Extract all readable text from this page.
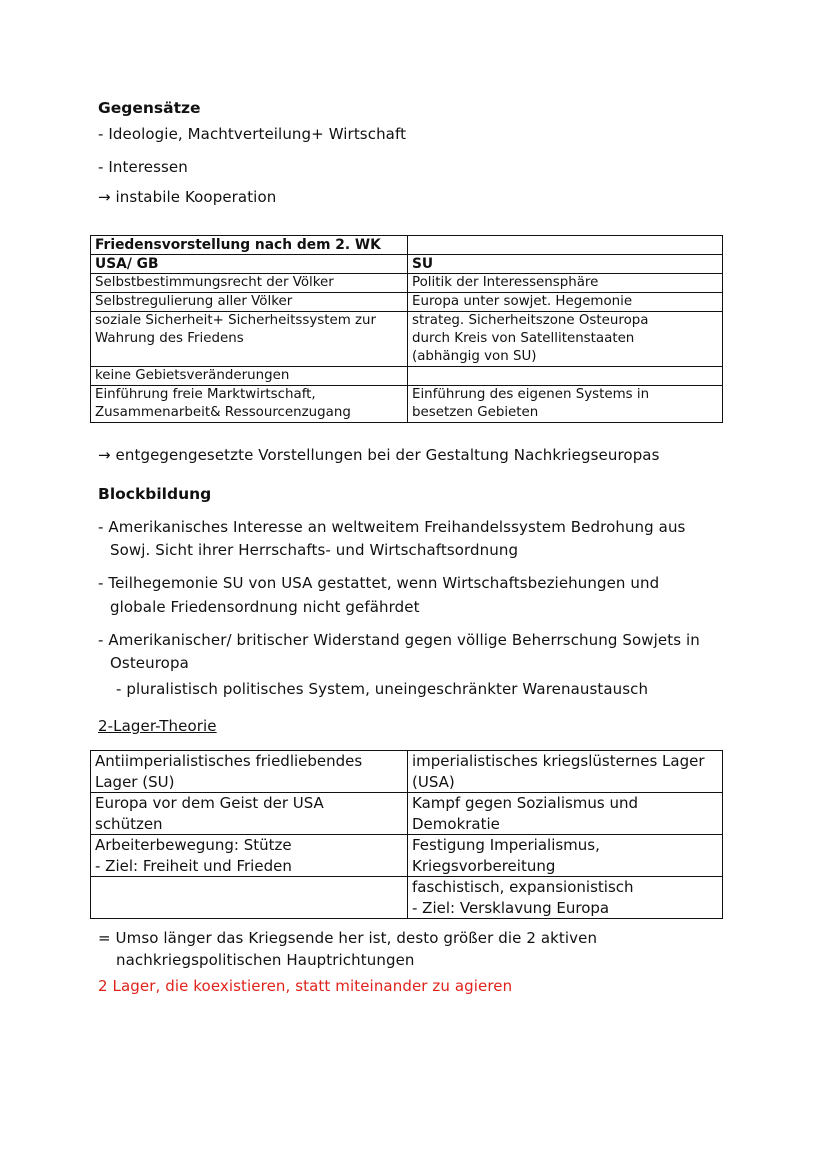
Gegensätze
- Ideologie, Machtverteilung+ Wirtschaft
- Interessen
→ instabile Kooperation
Friedensvorstellung nach dem 2. WK	
USA/ GB	SU

Selbstbestimmungsrecht der Völker	Politik der Interessensphäre

Selbstregulierung aller Völker	Europa unter sowjet. Hegemonie

soziale Sicherheit+ Sicherheitssystem zur
Wahrung des Friedens	strateg. Sicherheitszone Osteuropa
durch Kreis von Satellitenstaaten
(abhängig von SU)

keine Gebietsveränderungen	

Einführung freie Marktwirtschaft,
Zusammenarbeit& Ressourcenzugang	Einführung des eigenen Systems in
besetzen Gebieten
→ entgegengesetzte Vorstellungen bei der Gestaltung Nachkriegseuropas
Blockbildung
- Amerikanisches Interesse an weltweitem Freihandelssystem Bedrohung aus
Sowj. Sicht ihrer Herrschafts- und Wirtschaftsordnung
- Teilhegemonie SU von USA gestattet, wenn Wirtschaftsbeziehungen und
globale Friedensordnung nicht gefährdet
- Amerikanischer/ britischer Widerstand gegen völlige Beherrschung Sowjets in
Osteuropa
- pluralistisch politisches System, uneingeschränkter Warenaustausch
2-Lager-Theorie
Antiimperialistisches friedliebendes
Lager (SU)	imperialistisches kriegslüsternes Lager
(USA)

Europa vor dem Geist der USA
schützen	Kampf gegen Sozialismus und
Demokratie

Arbeiterbewegung: Stütze
- Ziel: Freiheit und Frieden	Festigung Imperialismus,
Kriegsvorbereitung

	faschistisch, expansionistisch
- Ziel: Versklavung Europa
= Umso länger das Kriegsende her ist, desto größer die 2 aktiven
nachkriegspolitischen Hauptrichtungen
2 Lager, die koexistieren, statt miteinander zu agieren
